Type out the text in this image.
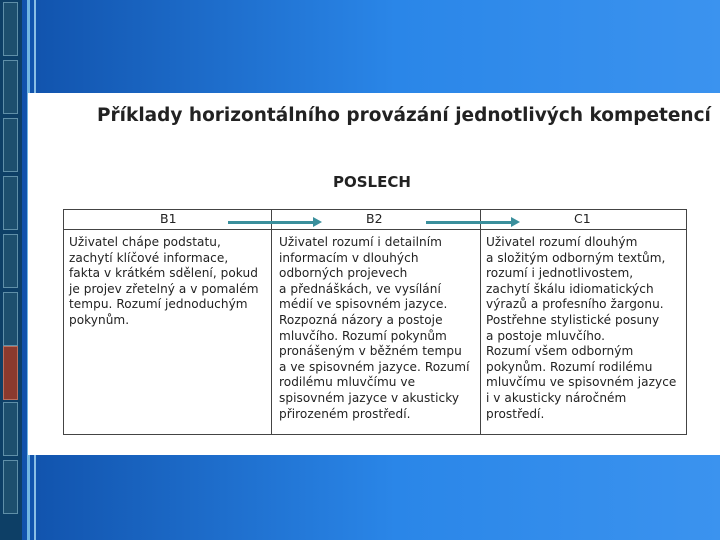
Příklady horizontálního provázání jednotlivých kompetencí
POSLECH
B1	B2	C1
Uživatel chápe podstatu,
zachytí klíčové informace,
fakta v krátkém sdělení, pokud
je projev zřetelný a v pomalém
tempu. Rozumí jednoduchým
pokynům.
Uživatel rozumí i detailním
informacím v dlouhých
odborných projevech
a přednáškách, ve vysílání
médií ve spisovném jazyce.
Rozpozná názory a postoje
mluvčího. Rozumí pokynům
pronášeným v běžném tempu
a ve spisovném jazyce. Rozumí
rodilému mluvčímu ve
spisovném jazyce v akusticky
přirozeném prostředí.
Uživatel rozumí dlouhým
a složitým odborným textům,
rozumí i jednotlivostem,
zachytí škálu idiomatických
výrazů a profesního žargonu.
Postřehne stylistické posuny
a postoje mluvčího.
Rozumí všem odborným
pokynům. Rozumí rodilému
mluvčímu ve spisovném jazyce
i v akusticky náročném
prostředí.
